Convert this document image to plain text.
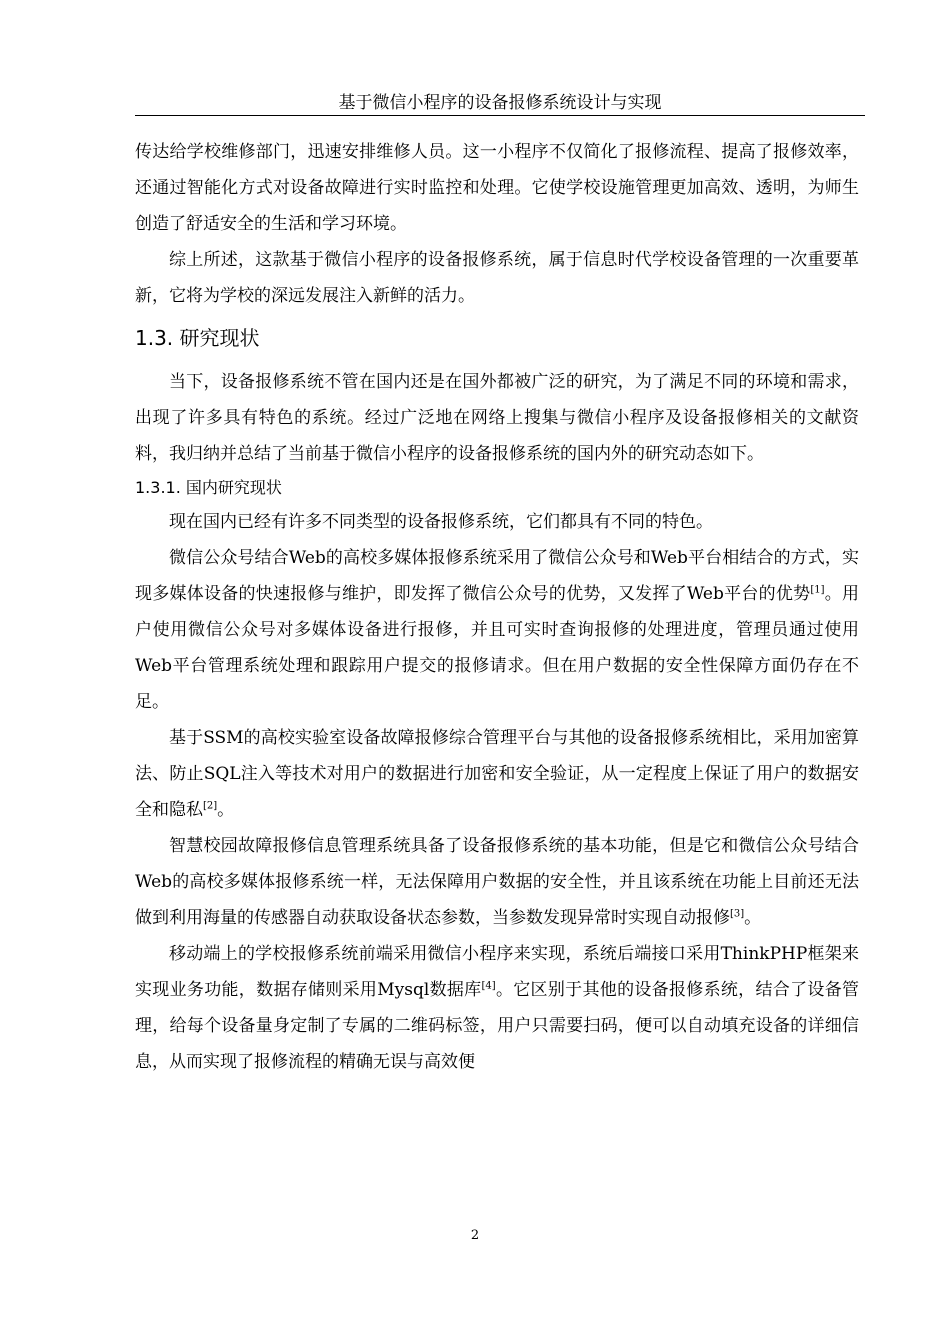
基于微信小程序的设备报修系统设计与实现

传达给学校维修部门，迅速安排维修人员。这一小程序不仅简化了报修流程、提高了报修效率，还通过智能化方式对设备故障进行实时监控和处理。它使学校设施管理更加高效、透明，为师生创造了舒适安全的生活和学习环境。

综上所述，这款基于微信小程序的设备报修系统，属于信息时代学校设备管理的一次重要革新，它将为学校的深远发展注入新鲜的活力。

1.3. 研究现状

当下，设备报修系统不管在国内还是在国外都被广泛的研究，为了满足不同的环境和需求，出现了许多具有特色的系统。经过广泛地在网络上搜集与微信小程序及设备报修相关的文献资料，我归纳并总结了当前基于微信小程序的设备报修系统的国内外的研究动态如下。

1.3.1. 国内研究现状

现在国内已经有许多不同类型的设备报修系统，它们都具有不同的特色。

微信公众号结合Web的高校多媒体报修系统采用了微信公众号和Web平台相结合的方式，实现多媒体设备的快速报修与维护，即发挥了微信公众号的优势，又发挥了Web平台的优势[1]。用户使用微信公众号对多媒体设备进行报修，并且可实时查询报修的处理进度，管理员通过使用Web平台管理系统处理和跟踪用户提交的报修请求。但在用户数据的安全性保障方面仍存在不足。

基于SSM的高校实验室设备故障报修综合管理平台与其他的设备报修系统相比，采用加密算法、防止SQL注入等技术对用户的数据进行加密和安全验证，从一定程度上保证了用户的数据安全和隐私[2]。

智慧校园故障报修信息管理系统具备了设备报修系统的基本功能，但是它和微信公众号结合Web的高校多媒体报修系统一样，无法保障用户数据的安全性，并且该系统在功能上目前还无法做到利用海量的传感器自动获取设备状态参数，当参数发现异常时实现自动报修[3]。

移动端上的学校报修系统前端采用微信小程序来实现，系统后端接口采用ThinkPHP框架来实现业务功能，数据存储则采用Mysql数据库[4]。它区别于其他的设备报修系统，结合了设备管理，给每个设备量身定制了专属的二维码标签，用户只需要扫码，便可以自动填充设备的详细信息，从而实现了报修流程的精确无误与高效便

2
